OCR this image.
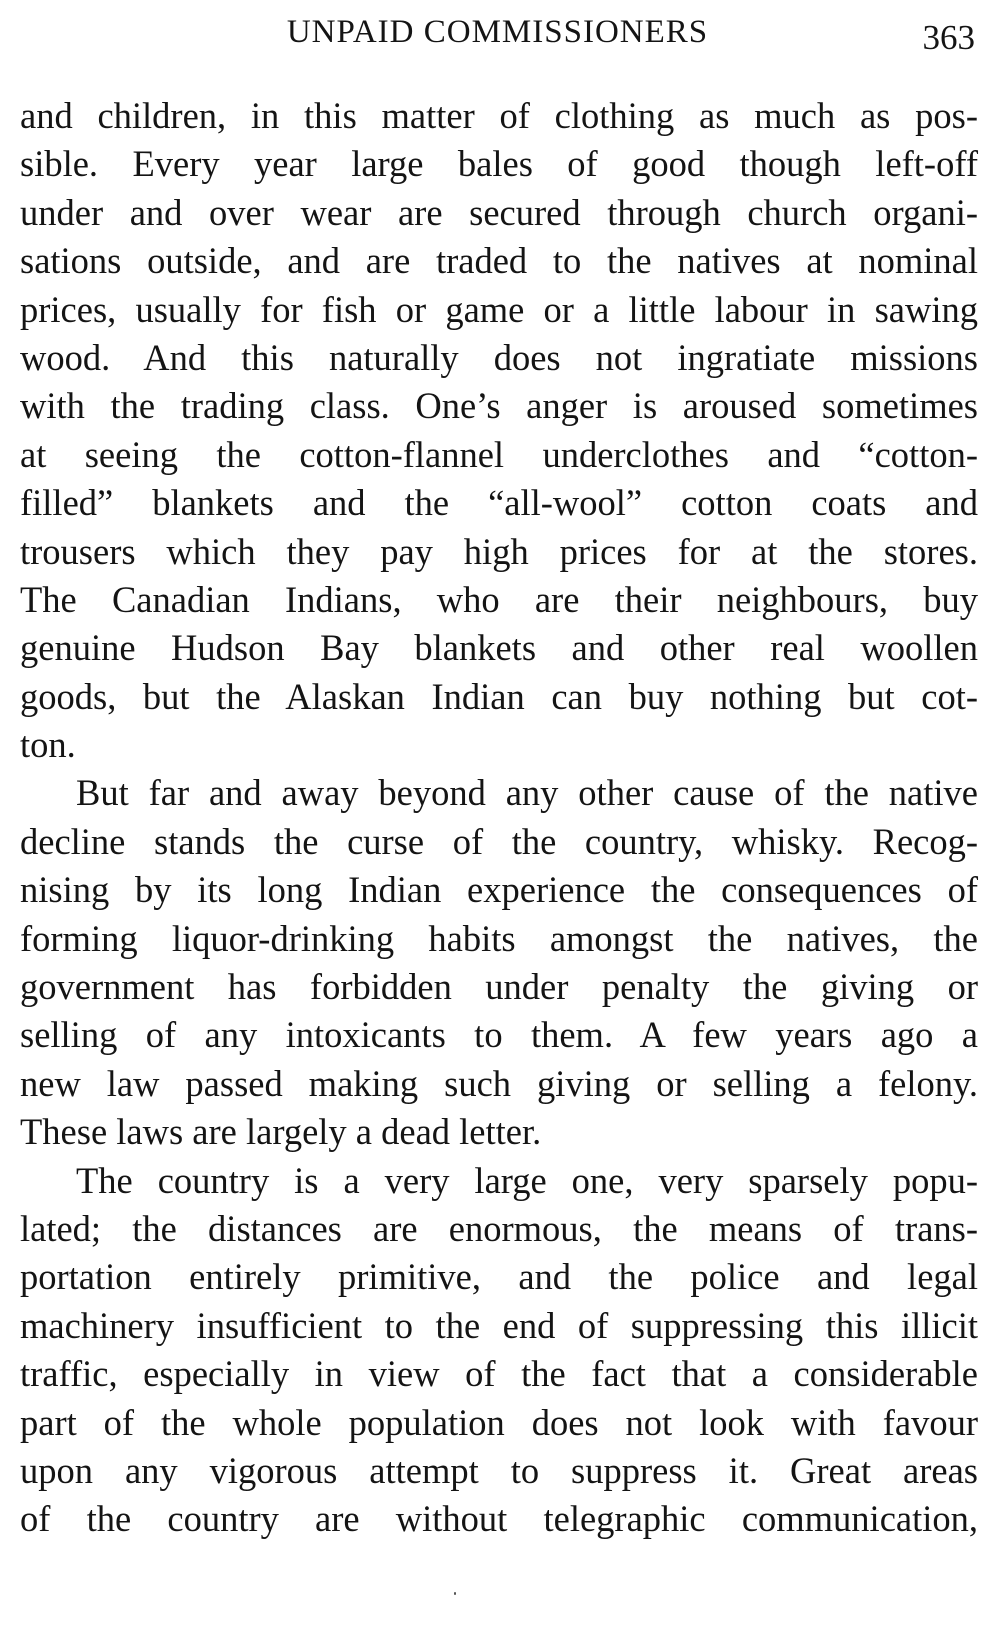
UNPAID COMMISSIONERS	363
and children, in this matter of clothing as much as pos-
sible. Every year large bales of good though left-off
under and over wear are secured through church organi-
sations outside, and are traded to the natives at nominal
prices, usually for fish or game or a little labour in sawing
wood. And this naturally does not ingratiate missions
with the trading class. One’s anger is aroused sometimes
at seeing the cotton-flannel underclothes and “cotton-
filled” blankets and the “all-wool” cotton coats and
trousers which they pay high prices for at the stores.
The Canadian Indians, who are their neighbours, buy
genuine Hudson Bay blankets and other real woollen
goods, but the Alaskan Indian can buy nothing but cot-
ton.
But far and away beyond any other cause of the native
decline stands the curse of the country, whisky. Recog-
nising by its long Indian experience the consequences of
forming liquor-drinking habits amongst the natives, the
government has forbidden under penalty the giving or
selling of any intoxicants to them. A few years ago a
new law passed making such giving or selling a felony.
These laws are largely a dead letter.
The country is a very large one, very sparsely popu-
lated; the distances are enormous, the means of trans-
portation entirely primitive, and the police and legal
machinery insufficient to the end of suppressing this illicit
traffic, especially in view of the fact that a considerable
part of the whole population does not look with favour
upon any vigorous attempt to suppress it. Great areas
of the country are without telegraphic communication,
